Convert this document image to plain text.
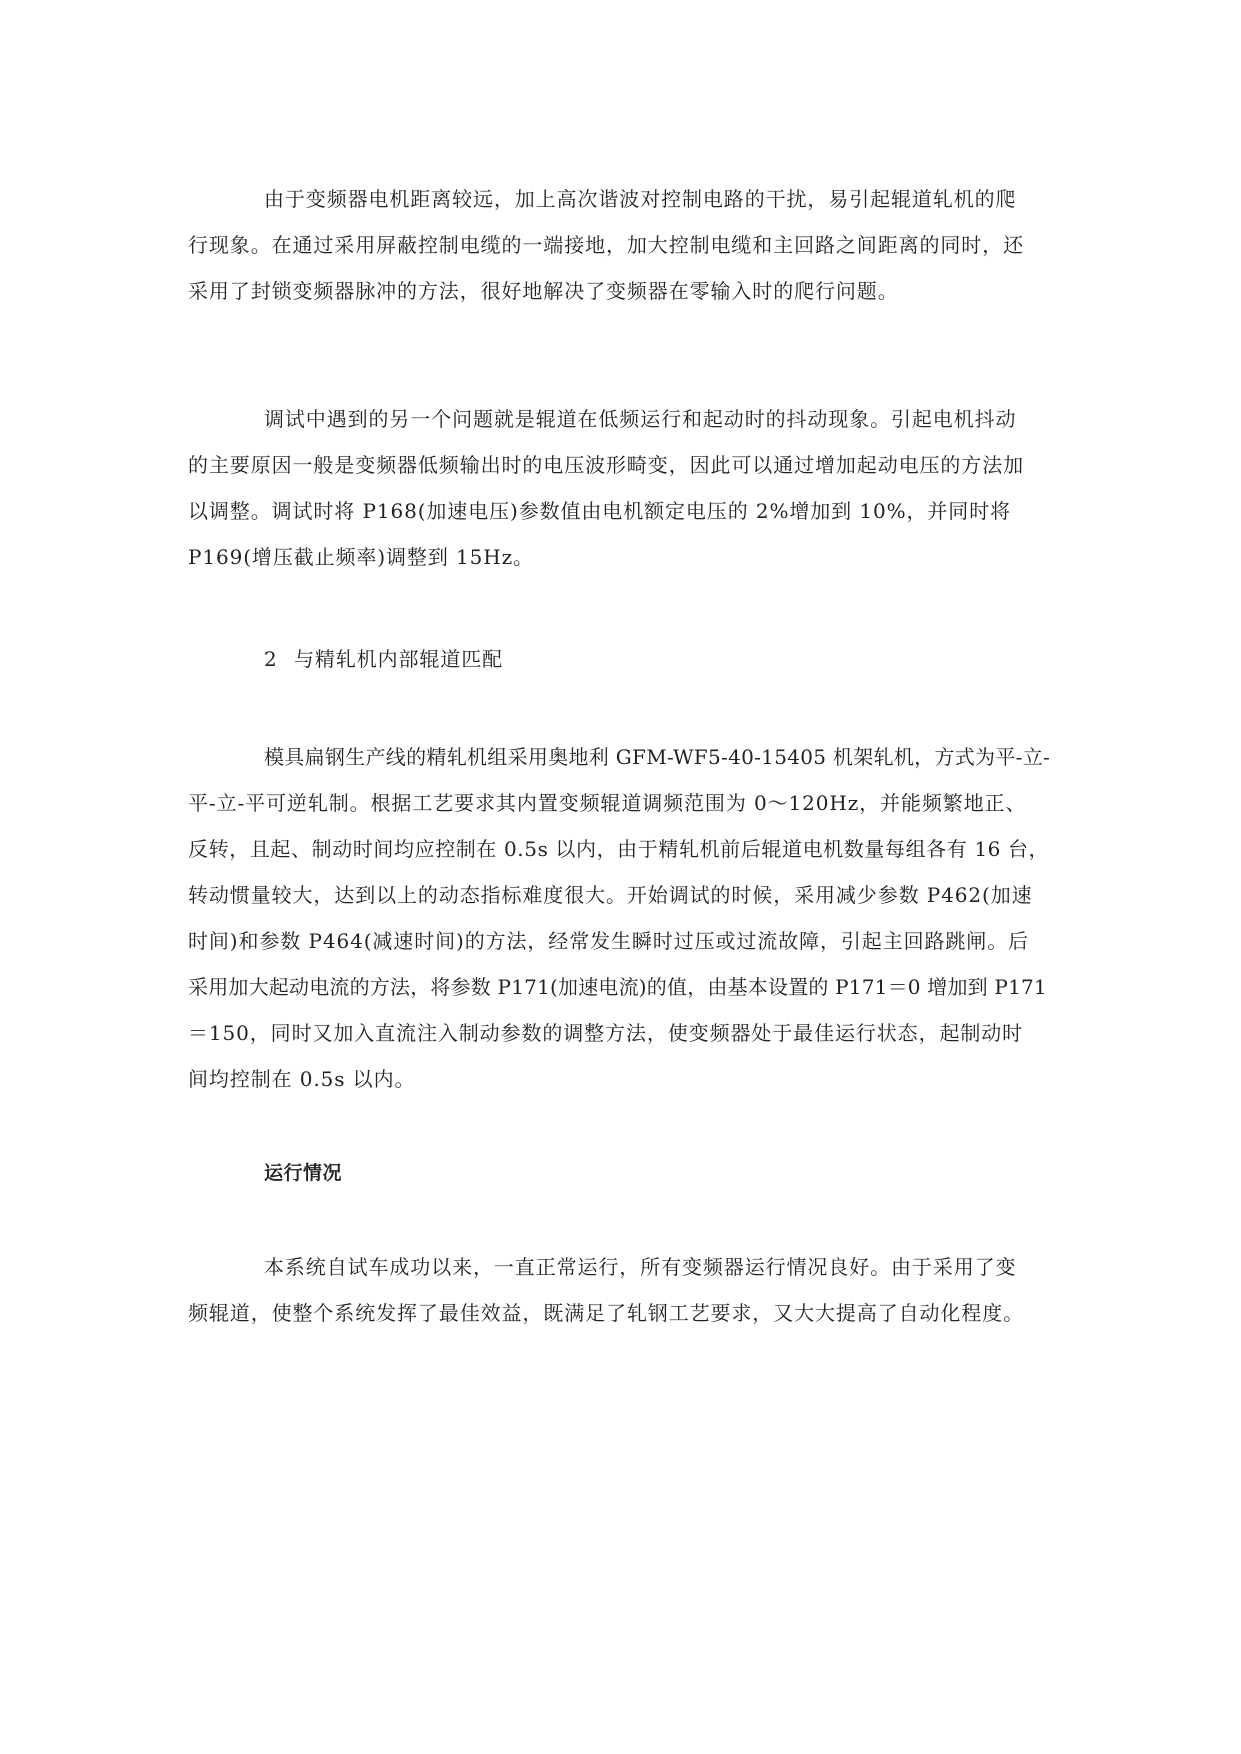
由于变频器电机距离较远，加上高次谐波对控制电路的干扰，易引起辊道轧机的爬
行现象。在通过采用屏蔽控制电缆的一端接地，加大控制电缆和主回路之间距离的同时，还
采用了封锁变频器脉冲的方法，很好地解决了变频器在零输入时的爬行问题。
调试中遇到的另一个问题就是辊道在低频运行和起动时的抖动现象。引起电机抖动
的主要原因一般是变频器低频输出时的电压波形畸变，因此可以通过增加起动电压的方法加
以调整。调试时将 P168(加速电压)参数值由电机额定电压的 2%增加到 10%，并同时将
P169(增压截止频率)调整到 15Hz。
2 与精轧机内部辊道匹配
模具扁钢生产线的精轧机组采用奥地利 GFM-WF5-40-15405 机架轧机，方式为平-立-
平-立-平可逆轧制。根据工艺要求其内置变频辊道调频范围为 0～120Hz，并能频繁地正、
反转，且起、制动时间均应控制在 0.5s 以内，由于精轧机前后辊道电机数量每组各有 16 台，
转动惯量较大，达到以上的动态指标难度很大。开始调试的时候，采用减少参数 P462(加速
时间)和参数 P464(减速时间)的方法，经常发生瞬时过压或过流故障，引起主回路跳闸。后
采用加大起动电流的方法，将参数 P171(加速电流)的值，由基本设置的 P171＝0 增加到 P171
＝150，同时又加入直流注入制动参数的调整方法，使变频器处于最佳运行状态，起制动时
间均控制在 0.5s 以内。
运行情况
本系统自试车成功以来，一直正常运行，所有变频器运行情况良好。由于采用了变
频辊道，使整个系统发挥了最佳效益，既满足了轧钢工艺要求，又大大提高了自动化程度。
